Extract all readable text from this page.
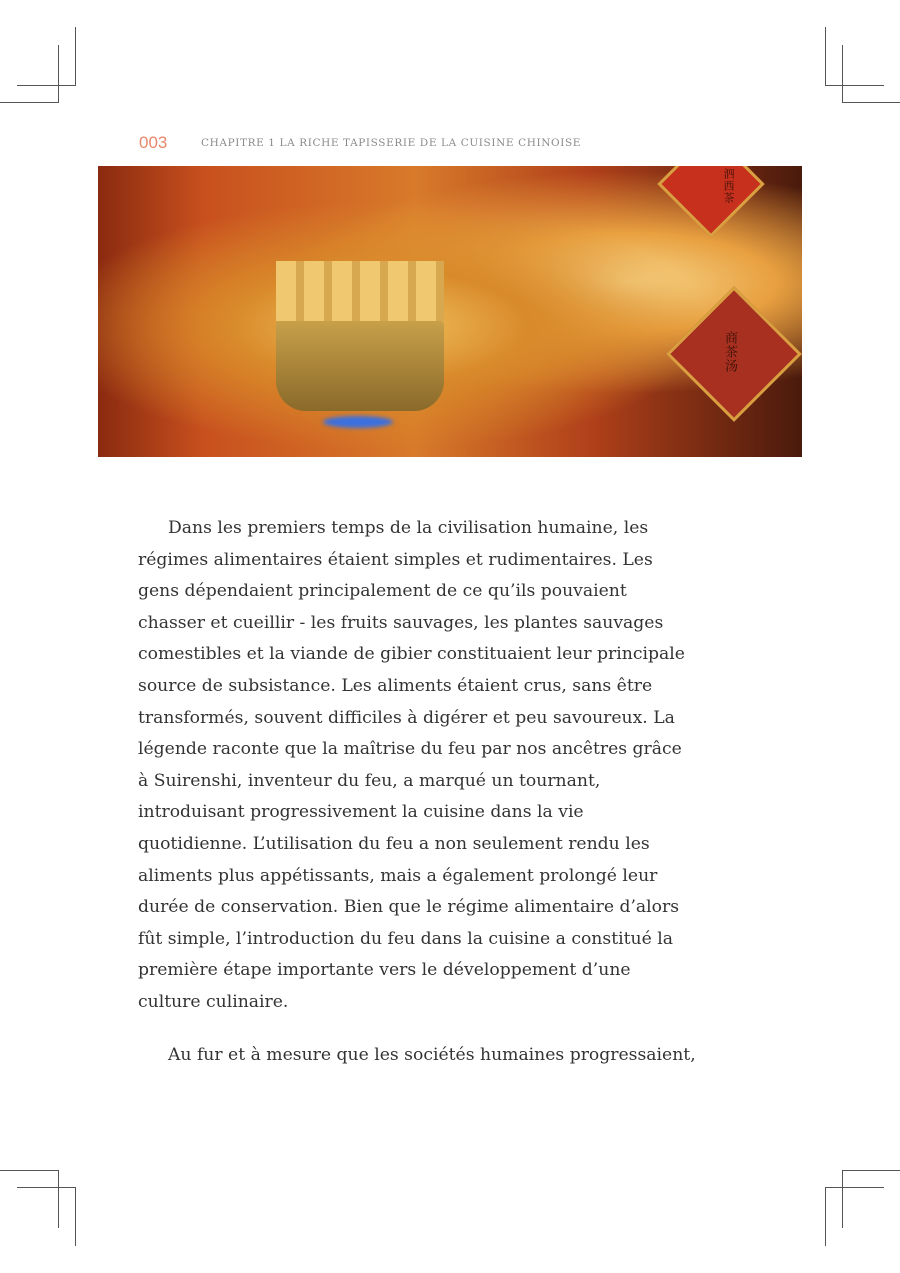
003	CHAPITRE 1 LA RICHE TAPISSERIE DE LA CUISINE CHINOISE
泗西茶
商茶汤

Dans les premiers temps de la civilisation humaine, les
régimes alimentaires étaient simples et rudimentaires. Les
gens dépendaient principalement de ce qu’ils pouvaient
chasser et cueillir - les fruits sauvages, les plantes sauvages
comestibles et la viande de gibier constituaient leur principale
source de subsistance. Les aliments étaient crus, sans être
transformés, souvent difficiles à digérer et peu savoureux. La
légende raconte que la maîtrise du feu par nos ancêtres grâce
à Suirenshi, inventeur du feu, a marqué un tournant,
introduisant progressivement la cuisine dans la vie
quotidienne. L’utilisation du feu a non seulement rendu les
aliments plus appétissants, mais a également prolongé leur
durée de conservation. Bien que le régime alimentaire d’alors
fût simple, l’introduction du feu dans la cuisine a constitué la
première étape importante vers le développement d’une
culture culinaire.

Au fur et à mesure que les sociétés humaines progressaient,
